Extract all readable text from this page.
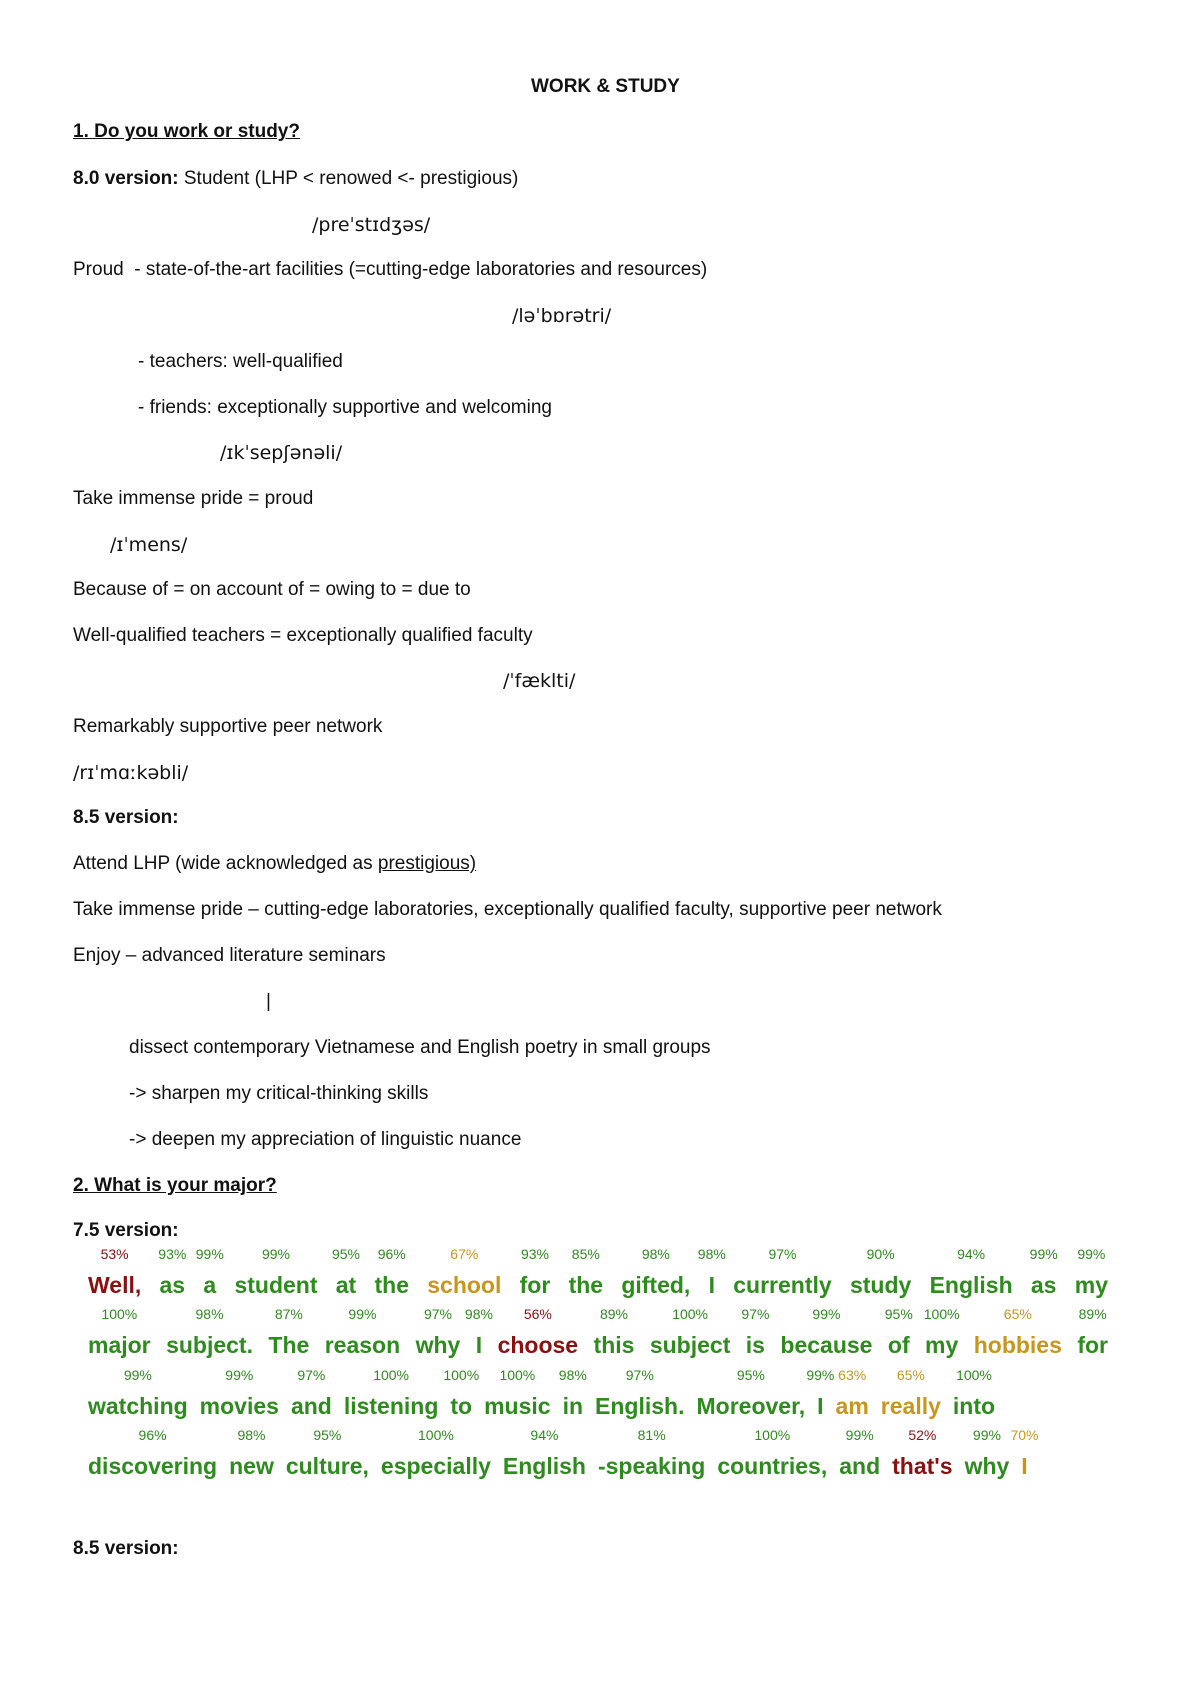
WORK & STUDY
1. Do you work or study?
8.0 version: Student (LHP < renowed <- prestigious)
/preˈstɪdʒəs/
Proud  - state-of-the-art facilities (=cutting-edge laboratories and resources)
/ləˈbɒrətri/
- teachers: well-qualified
- friends: exceptionally supportive and welcoming
/ɪkˈsepʃənəli/
Take immense pride = proud
/ɪˈmens/
Because of = on account of = owing to = due to
Well-qualified teachers = exceptionally qualified faculty
/ˈfæklti/
Remarkably supportive peer network
/rɪˈmɑːkəbli/
8.5 version:
Attend LHP (wide acknowledged as prestigious)
Take immense pride – cutting-edge laboratories, exceptionally qualified faculty, supportive peer network
Enjoy – advanced literature seminars
|
dissect contemporary Vietnamese and English poetry in small groups
-> sharpen my critical-thinking skills
-> deepen my appreciation of linguistic nuance
2. What is your major?
7.5 version:
53% 93% 99%	99%	95% 96%	67%	93% 85%	98% 98%	97%	90%	94%	99% 99%
Well, as a student at the school for the gifted, I currently study English as my
100%	98%	87%	99%	97% 98% 56%	89%	100% 97%	99%	95% 100%	65%	89%
major subject. The reason why I choose this subject is because of my hobbies for
99%	99%	97%	100% 100% 100% 98%	97%	95%	99% 63% 65% 100%
watching movies and listening to music in English. Moreover, I am really into
96%	98%	95%	100%	94%	81%	100%	99% 52%	99% 70%
discovering new culture, especially English -speaking countries, and that's why I
8.5 version:
